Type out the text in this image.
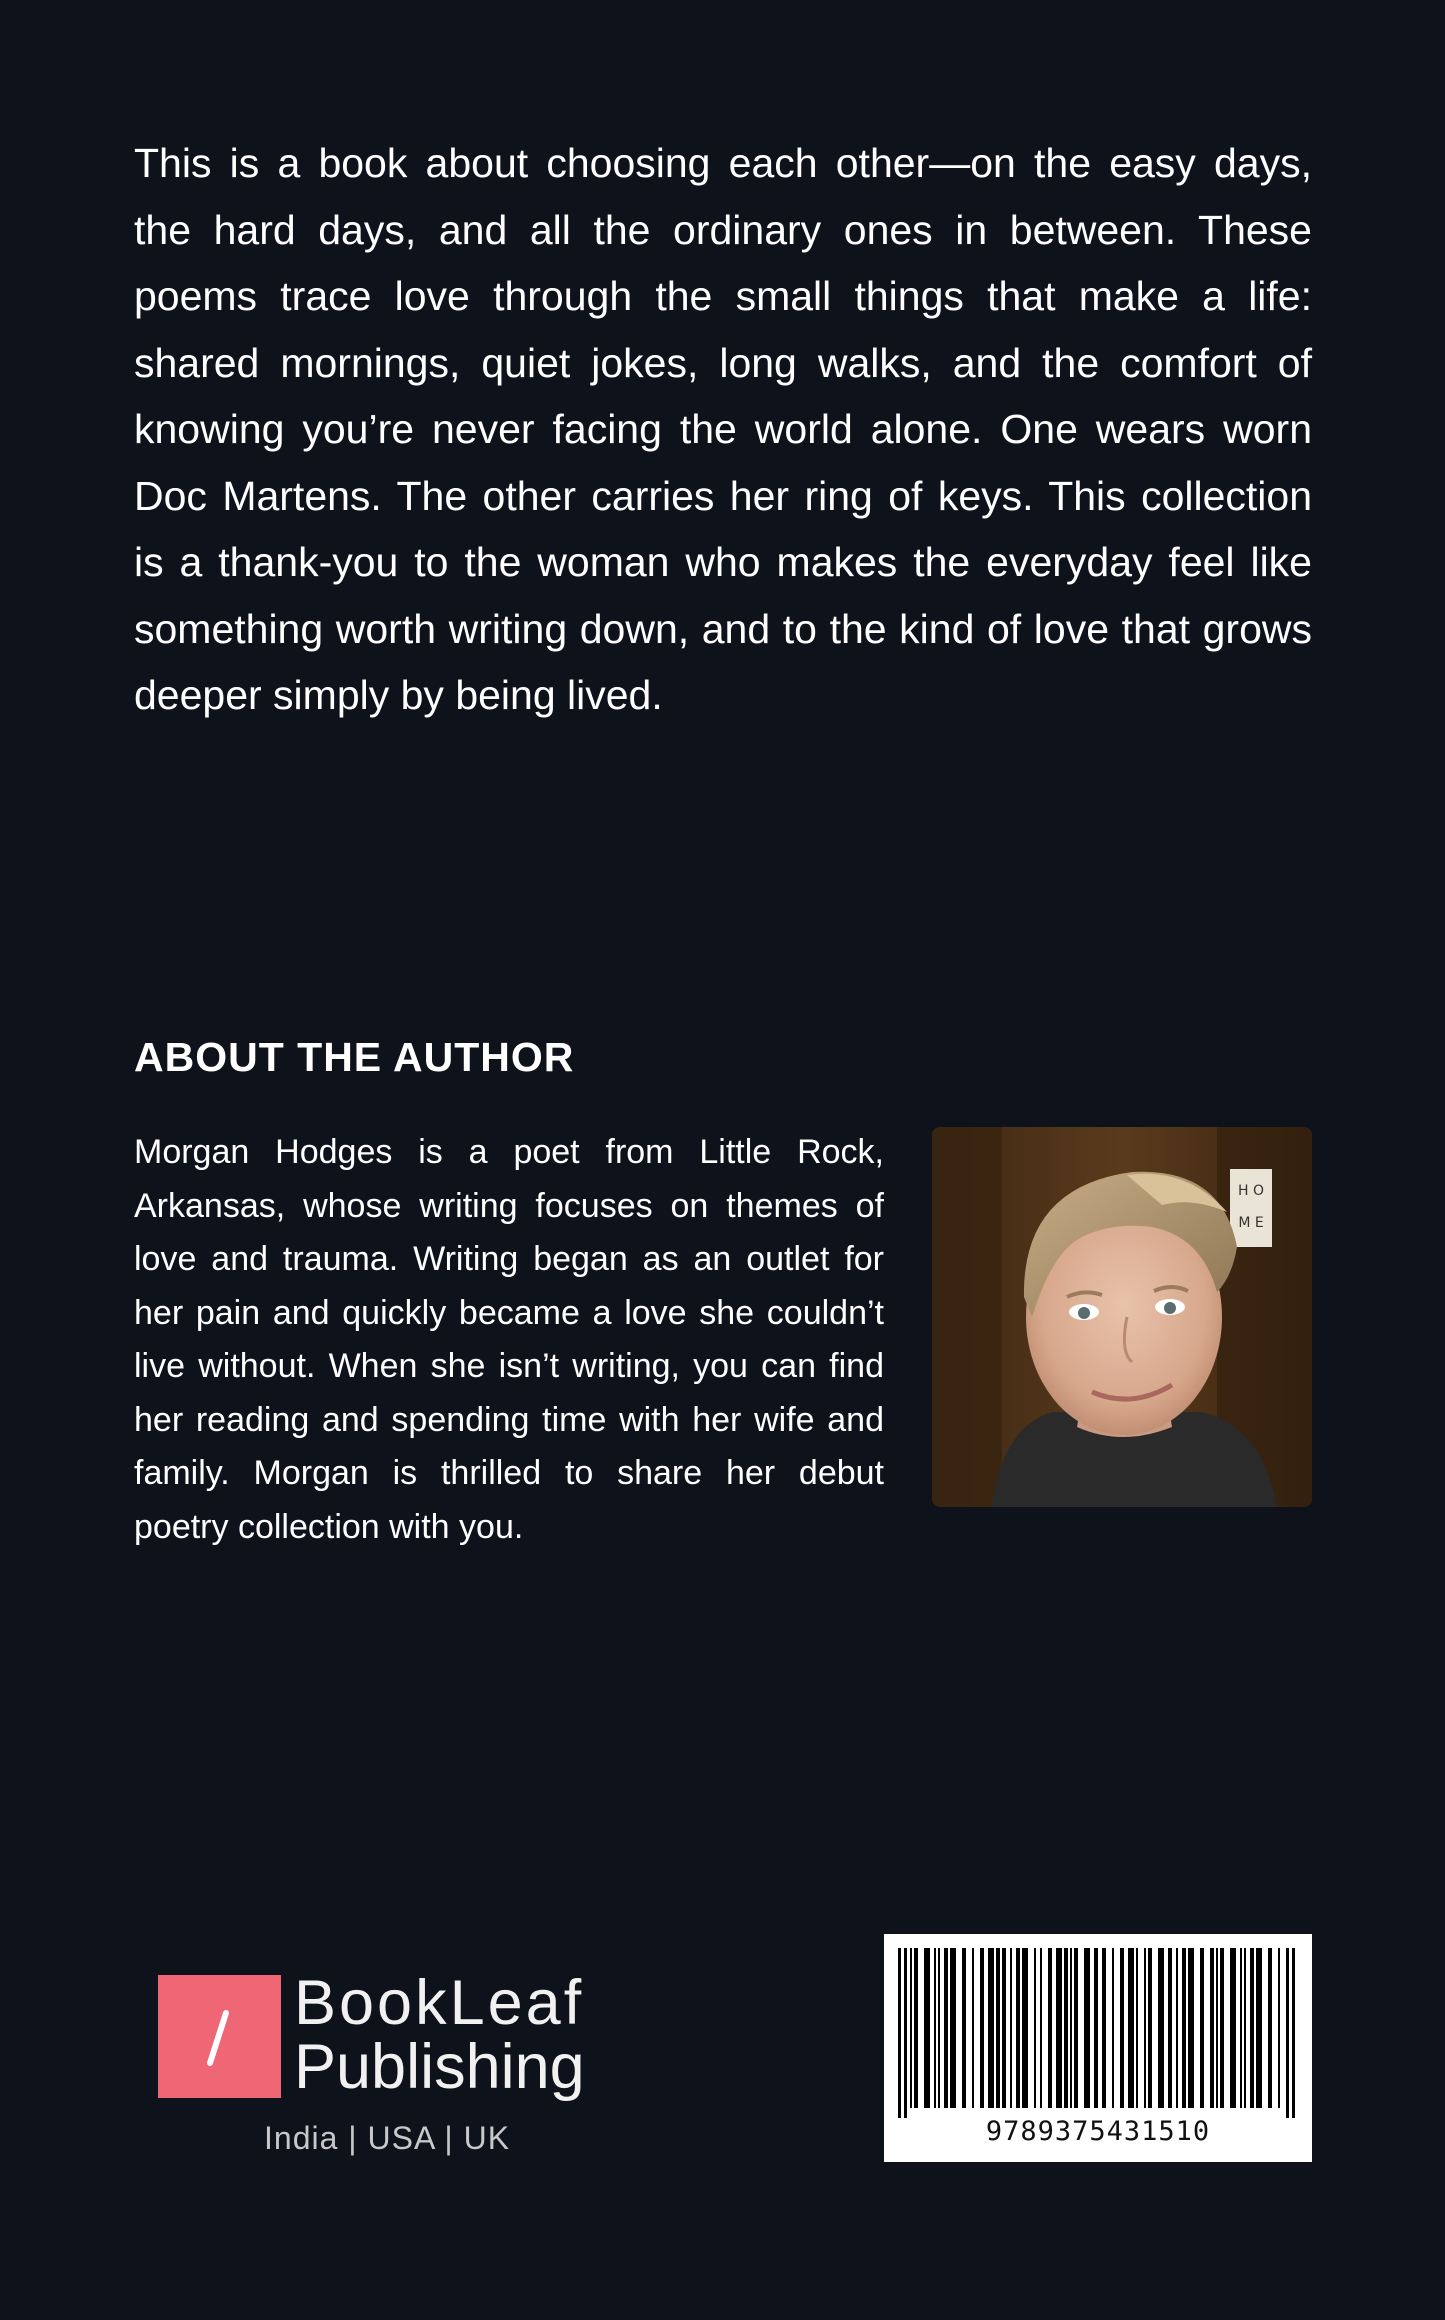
This is a book about choosing each other—on the easy days, the hard days, and all the ordinary ones in between. These poems trace love through the small things that make a life: shared mornings, quiet jokes, long walks, and the comfort of knowing you’re never facing the world alone. One wears worn Doc Martens. The other carries her ring of keys. This collection is a thank-you to the woman who makes the everyday feel like something worth writing down, and to the kind of love that grows deeper simply by being lived.

ABOUT THE AUTHOR

Morgan Hodges is a poet from Little Rock, Arkansas, whose writing focuses on themes of love and trauma. Writing began as an outlet for her pain and quickly became a love she couldn’t live without. When she isn’t writing, you can find her reading and spending time with her wife and family. Morgan is thrilled to share her debut poetry collection with you.

H O
M E
BookLeaf
Publishing
India | USA | UK	9789375431510
